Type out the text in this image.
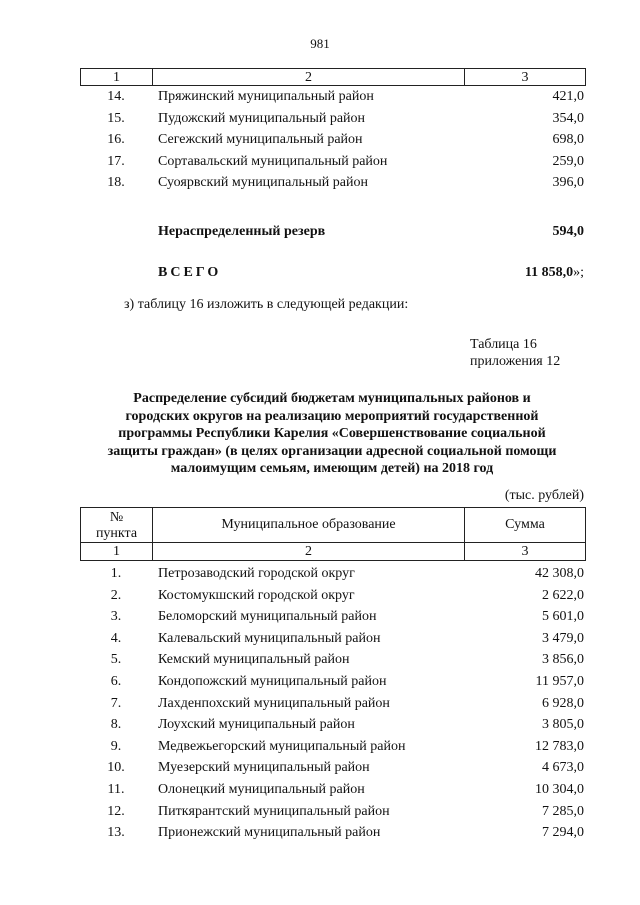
981
1	2	3
14.	Пряжинский муниципальный район	421,0
15.	Пудожский муниципальный район	354,0
16.	Сегежский муниципальный район	698,0
17.	Сортавальский муниципальный район	259,0
18.	Суоярвский муниципальный район	396,0
Нераспределенный резерв	594,0
ВСЕГО	11 858,0»;
з) таблицу 16 изложить в следующей редакции:
Таблица 16
приложения 12
Распределение субсидий бюджетам муниципальных районов и
городских округов на реализацию мероприятий государственной
программы Республики Карелия «Совершенствование социальной
защиты граждан» (в целях организации адресной социальной помощи
малоимущим семьям, имеющим детей) на 2018 год
(тыс. рублей)
№
пункта
Муниципальное образование	Сумма
1	2	3
1.	Петрозаводский городской округ	42 308,0
2.	Костомукшский городской округ	2 622,0
3.	Беломорский муниципальный район	5 601,0
4.	Калевальский муниципальный район	3 479,0
5.	Кемский муниципальный район	3 856,0
6.	Кондопожский муниципальный район	11 957,0
7.	Лахденпохский муниципальный район	6 928,0
8.	Лоухский муниципальный район	3 805,0
9.	Медвежьегорский муниципальный район	12 783,0
10.	Муезерский муниципальный район	4 673,0
11.	Олонецкий муниципальный район	10 304,0
12.	Питкярантский муниципальный район	7 285,0
13.	Прионежский муниципальный район	7 294,0
